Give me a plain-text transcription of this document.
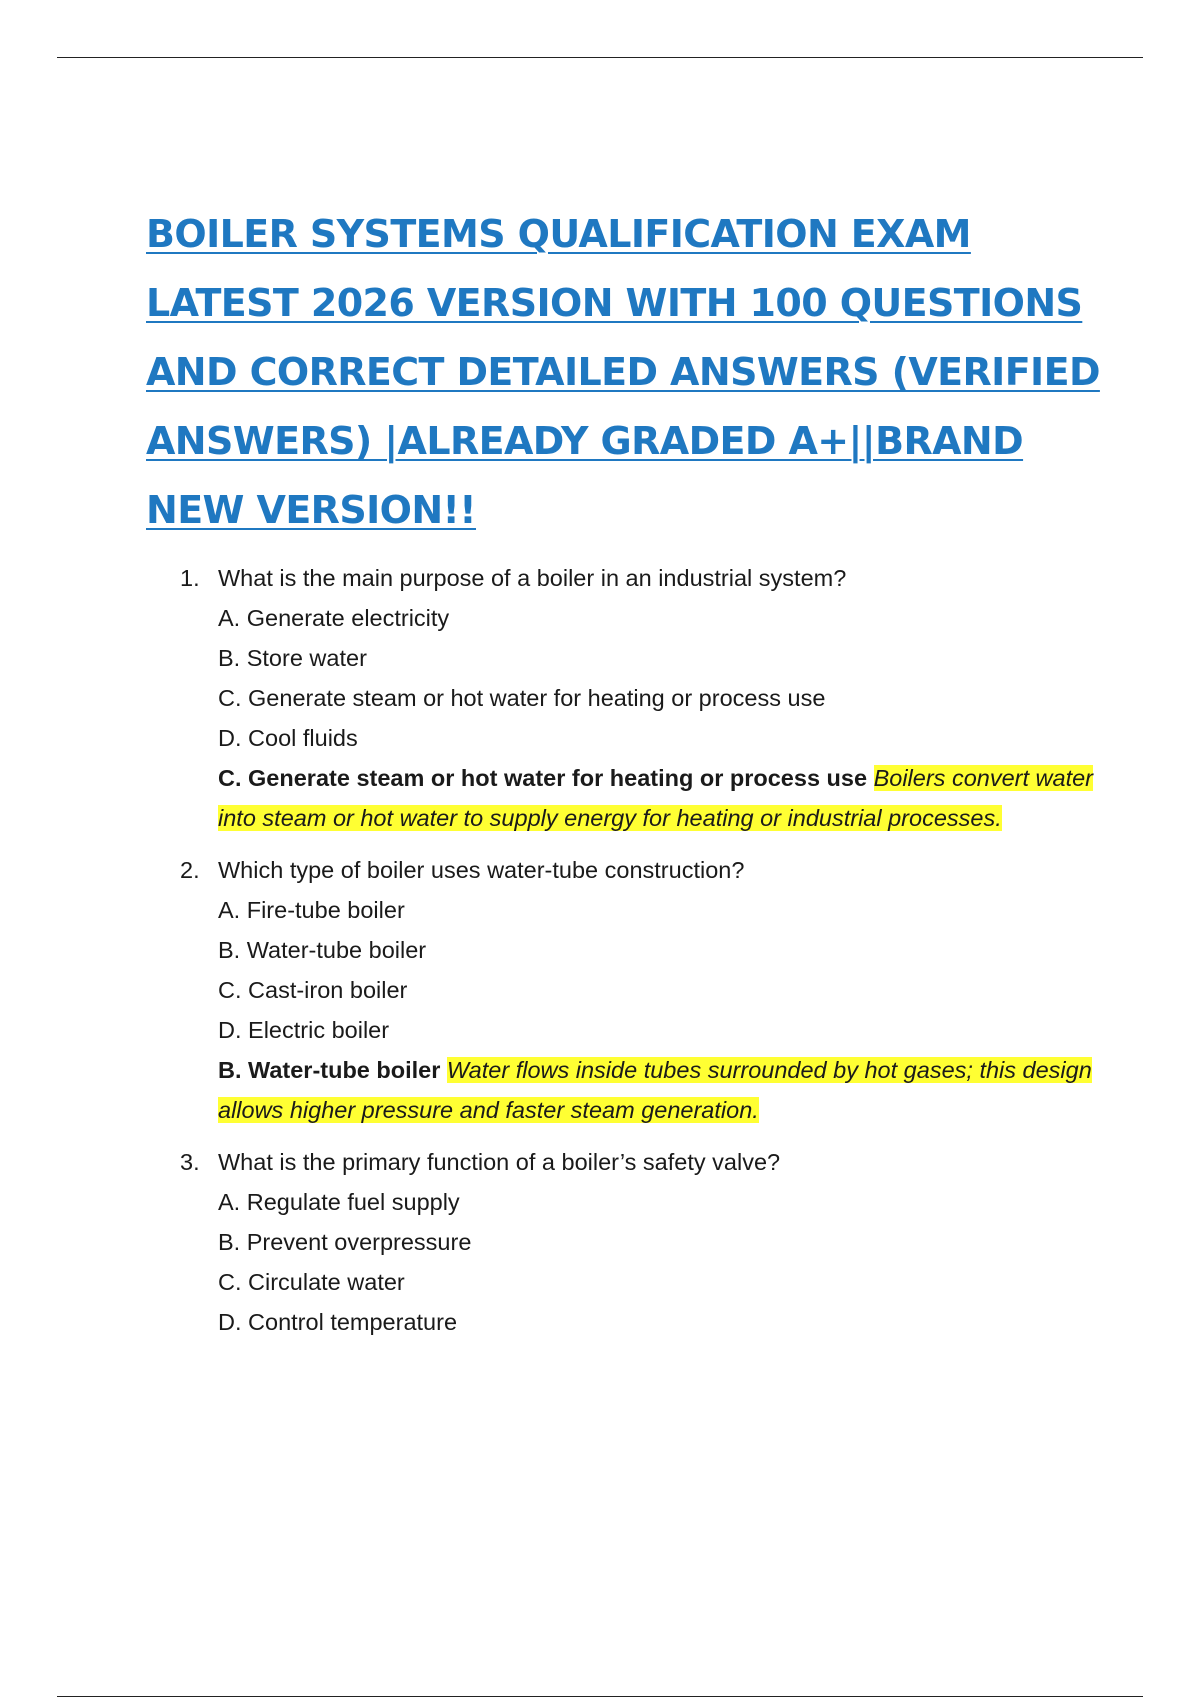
BOILER SYSTEMS QUALIFICATION EXAM
LATEST 2026 VERSION WITH 100 QUESTIONS
AND CORRECT DETAILED ANSWERS (VERIFIED
ANSWERS) |ALREADY GRADED A+||BRAND
NEW VERSION!!
1. What is the main purpose of a boiler in an industrial system?
A. Generate electricity
B. Store water
C. Generate steam or hot water for heating or process use
D. Cool fluids
C. Generate steam or hot water for heating or process use Boilers convert water into steam or hot water to supply energy for heating or industrial processes.
2. Which type of boiler uses water-tube construction?
A. Fire-tube boiler
B. Water-tube boiler
C. Cast-iron boiler
D. Electric boiler
B. Water-tube boiler Water flows inside tubes surrounded by hot gases; this design allows higher pressure and faster steam generation.
3. What is the primary function of a boiler’s safety valve?
A. Regulate fuel supply
B. Prevent overpressure
C. Circulate water
D. Control temperature
